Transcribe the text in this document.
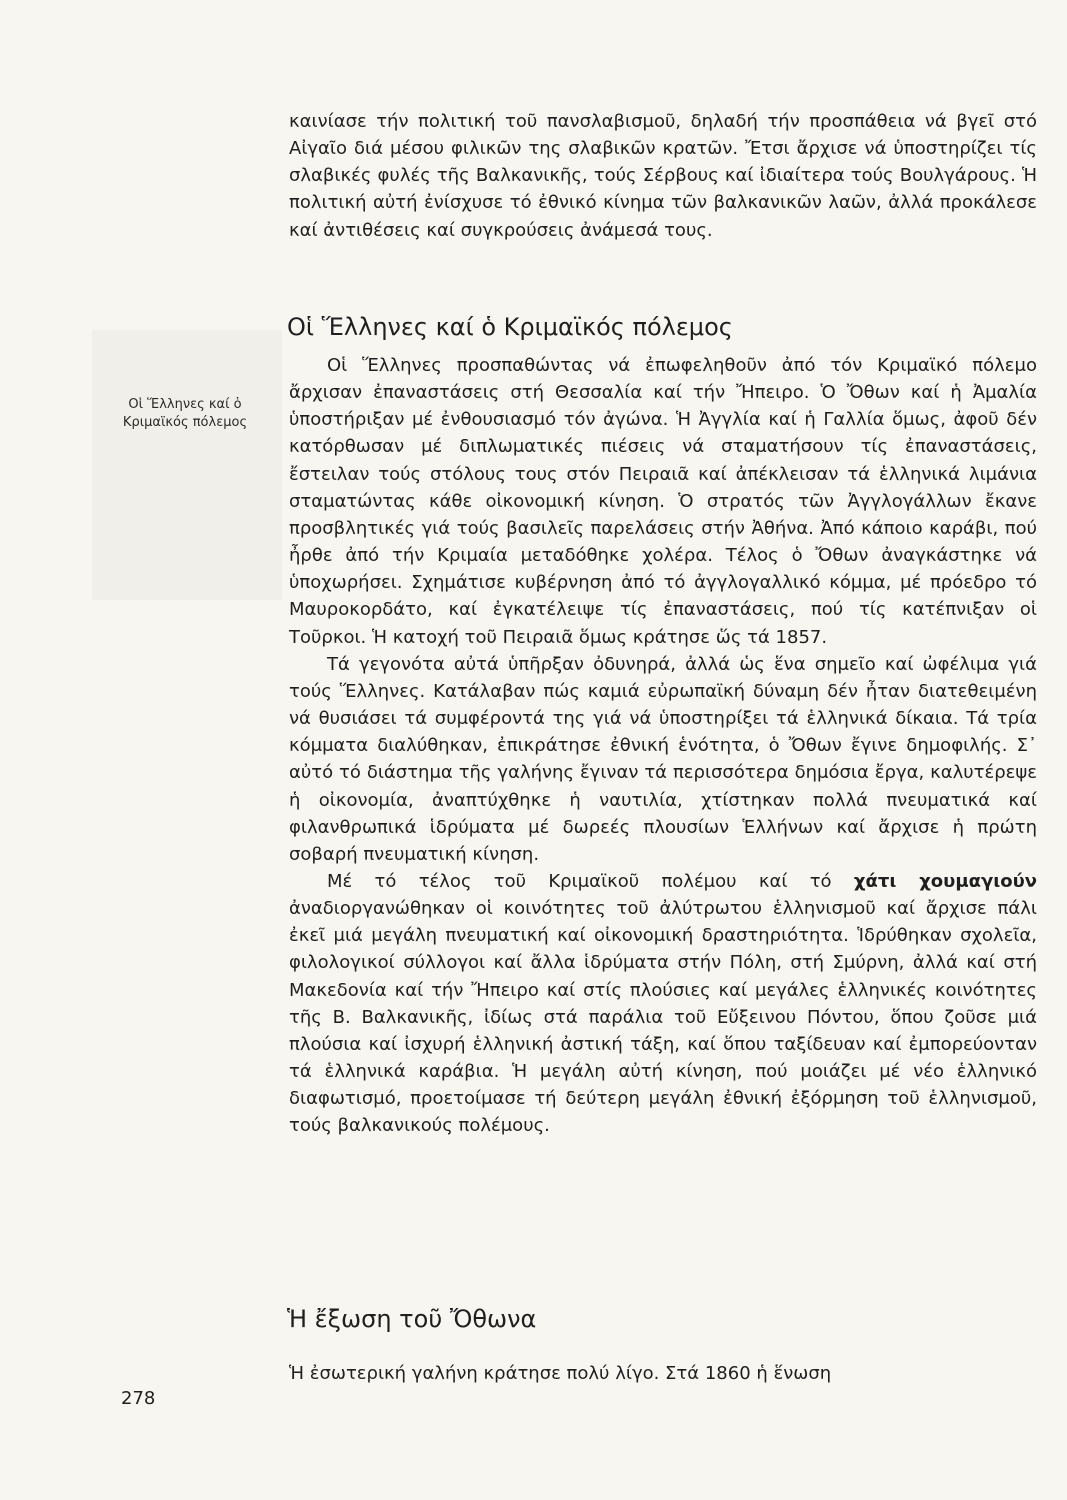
Οἱ Ἕλληνες καί ὁ Κριμαϊκός πόλεμος

καινίασε τήν πολιτική τοῦ πανσλαβισμοῦ, δηλαδή τήν προσπάθεια νά βγεῖ στό Αἰγαῖο διά μέσου φιλικῶν της σλαβικῶν κρατῶν. Ἔτσι ἄρχισε νά ὑποστηρίζει τίς σλαβικές φυλές τῆς Βαλκανικῆς, τούς Σέρβους καί ἰδιαίτερα τούς Βουλγάρους. Ἡ πολιτική αὐτή ἐνίσχυσε τό ἐθνικό κίνημα τῶν βαλκανικῶν λαῶν, ἀλλά προκάλεσε καί ἀντιθέσεις καί συγκρούσεις ἀνάμεσά τους.

Οἱ Ἕλληνες καί ὁ Κριμαϊκός πόλεμος

Οἱ Ἕλληνες προσπαθώντας νά ἐπωφεληθοῦν ἀπό τόν Κριμαϊκό πόλεμο ἄρχισαν ἐπαναστάσεις στή Θεσσαλία καί τήν Ἤπειρο. Ὁ Ὄθων καί ἡ Ἀμαλία ὑποστήριξαν μέ ἐνθουσιασμό τόν ἀγώνα. Ἡ Ἀγγλία καί ἡ Γαλλία ὅμως, ἀφοῦ δέν κατόρθωσαν μέ διπλωματικές πιέσεις νά σταματήσουν τίς ἐπαναστάσεις, ἔστειλαν τούς στόλους τους στόν Πειραιᾶ καί ἀπέκλεισαν τά ἑλληνικά λιμάνια σταματώντας κάθε οἰκονομική κίνηση. Ὁ στρατός τῶν Ἀγγλογάλλων ἔκανε προσβλητικές γιά τούς βασιλεῖς παρελάσεις στήν Ἀθήνα. Ἀπό κάποιο καράβι, πού ἦρθε ἀπό τήν Κριμαία μεταδόθηκε χολέρα. Τέλος ὁ Ὄθων ἀναγκάστηκε νά ὑποχωρήσει. Σχημάτισε κυβέρνηση ἀπό τό ἀγγλογαλλικό κόμμα, μέ πρόεδρο τό Μαυροκορδάτο, καί ἐγκατέλειψε τίς ἐπαναστάσεις, πού τίς κατέπνιξαν οἱ Τοῦρκοι. Ἡ κατοχή τοῦ Πειραιᾶ ὅμως κράτησε ὥς τά 1857.

Τά γεγονότα αὐτά ὑπῆρξαν ὀδυνηρά, ἀλλά ὡς ἕνα σημεῖο καί ὠφέλιμα γιά τούς Ἕλληνες. Κατάλαβαν πώς καμιά εὐρωπαϊκή δύναμη δέν ἦταν διατεθειμένη νά θυσιάσει τά συμφέροντά της γιά νά ὑποστηρίξει τά ἑλληνικά δίκαια. Τά τρία κόμματα διαλύθηκαν, ἐπικράτησε ἐθνική ἑνότητα, ὁ Ὄθων ἔγινε δημοφιλής. Σ᾿ αὐτό τό διάστημα τῆς γαλήνης ἔγιναν τά περισσότερα δημόσια ἔργα, καλυτέρεψε ἡ οἰκονομία, ἀναπτύχθηκε ἡ ναυτιλία, χτίστηκαν πολλά πνευματικά καί φιλανθρωπικά ἱδρύματα μέ δωρεές πλουσίων Ἑλλήνων καί ἄρχισε ἡ πρώτη σοβαρή πνευματική κίνηση.

Μέ τό τέλος τοῦ Κριμαϊκοῦ πολέμου καί τό χάτι χουμαγιούν ἀναδιοργανώθηκαν οἱ κοινότητες τοῦ ἀλύτρωτου ἑλληνισμοῦ καί ἄρχισε πάλι ἐκεῖ μιά μεγάλη πνευματική καί οἰκονομική δραστηριότητα. Ἱδρύθηκαν σχολεῖα, φιλολογικοί σύλλογοι καί ἄλλα ἱδρύματα στήν Πόλη, στή Σμύρνη, ἀλλά καί στή Μακεδονία καί τήν Ἤπειρο καί στίς πλούσιες καί μεγάλες ἑλληνικές κοινότητες τῆς Β. Βαλκανικῆς, ἰδίως στά παράλια τοῦ Εὔξεινου Πόντου, ὅπου ζοῦσε μιά πλούσια καί ἰσχυρή ἑλληνική ἀστική τάξη, καί ὅπου ταξίδευαν καί ἐμπορεύονταν τά ἑλληνικά καράβια. Ἡ μεγάλη αὐτή κίνηση, πού μοιάζει μέ νέο ἑλληνικό διαφωτισμό, προετοίμασε τή δεύτερη μεγάλη ἐθνική ἐξόρμηση τοῦ ἑλληνισμοῦ, τούς βαλκανικούς πολέμους.

Ἡ ἔξωση τοῦ Ὄθωνα

Ἡ ἐσωτερική γαλήνη κράτησε πολύ λίγο. Στά 1860 ἡ ἕνωση

278
